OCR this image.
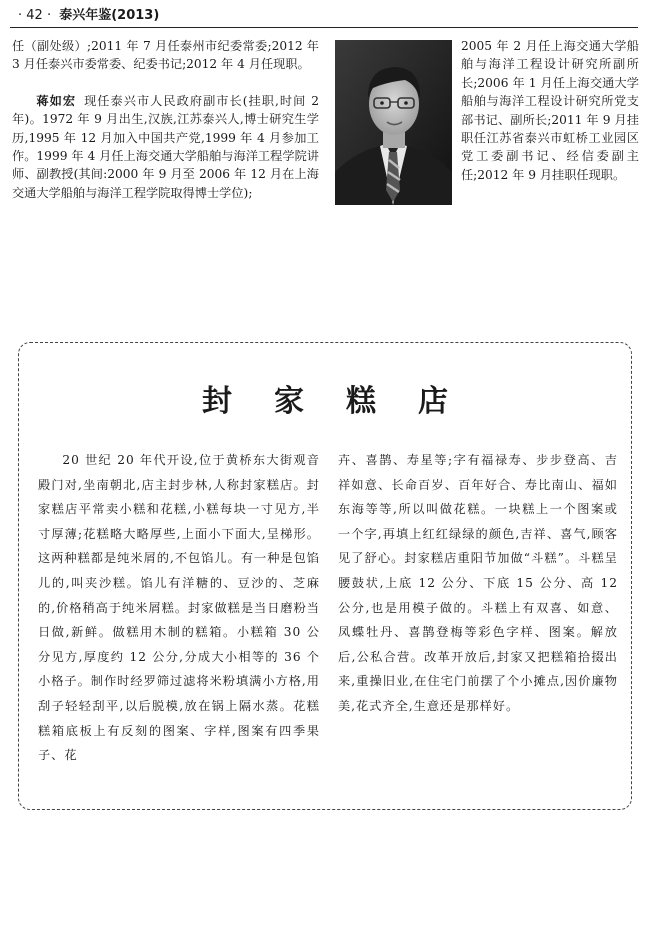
· 42 · 泰兴年鉴(2013)

任（副处级）;2011 年 7 月任泰州市纪委常委;2012 年 3 月任泰兴市委常委、纪委书记;2012 年 4 月任现职。

蒋如宏 现任泰兴市人民政府副市长(挂职,时间 2 年)。1972 年 9 月出生,汉族,江苏泰兴人,博士研究生学历,1995 年 12 月加入中国共产党,1999 年 4 月参加工作。1999 年 4 月任上海交通大学船舶与海洋工程学院讲师、副教授(其间:2000 年 9 月至 2006 年 12 月在上海交通大学船舶与海洋工程学院取得博士学位);

2005 年 2 月任上海交通大学船舶与海洋工程设计研究所副所长;2006 年 1 月任上海交通大学船舶与海洋工程设计研究所党支部书记、副所长;2011 年 9 月挂职任江苏省泰兴市虹桥工业园区党工委副书记、经信委副主任;2012 年 9 月挂职任现职。

封家糕店

20 世纪 20 年代开设,位于黄桥东大街观音殿门对,坐南朝北,店主封步林,人称封家糕店。封家糕店平常卖小糕和花糕,小糕每块一寸见方,半寸厚薄;花糕略大略厚些,上面小下面大,呈梯形。这两种糕都是纯米屑的,不包馅儿。有一种是包馅儿的,叫夹沙糕。馅儿有洋糖的、豆沙的、芝麻的,价格稍高于纯米屑糕。封家做糕是当日磨粉当日做,新鲜。做糕用木制的糕箱。小糕箱 30 公分见方,厚度约 12 公分,分成大小相等的 36 个小格子。制作时经罗筛过滤将米粉填满小方格,用刮子轻轻刮平,以后脱模,放在锅上隔水蒸。花糕糕箱底板上有反刻的图案、字样,图案有四季果子、花

卉、喜鹊、寿星等;字有福禄寿、步步登高、吉祥如意、长命百岁、百年好合、寿比南山、福如东海等等,所以叫做花糕。一块糕上一个图案或一个字,再填上红红绿绿的颜色,吉祥、喜气,顾客见了舒心。封家糕店重阳节加做“斗糕”。斗糕呈腰鼓状,上底 12 公分、下底 15 公分、高 12 公分,也是用模子做的。斗糕上有双喜、如意、凤蝶牡丹、喜鹊登梅等彩色字样、图案。解放后,公私合营。改革开放后,封家又把糕箱拾掇出来,重操旧业,在住宅门前摆了个小摊点,因价廉物美,花式齐全,生意还是那样好。
